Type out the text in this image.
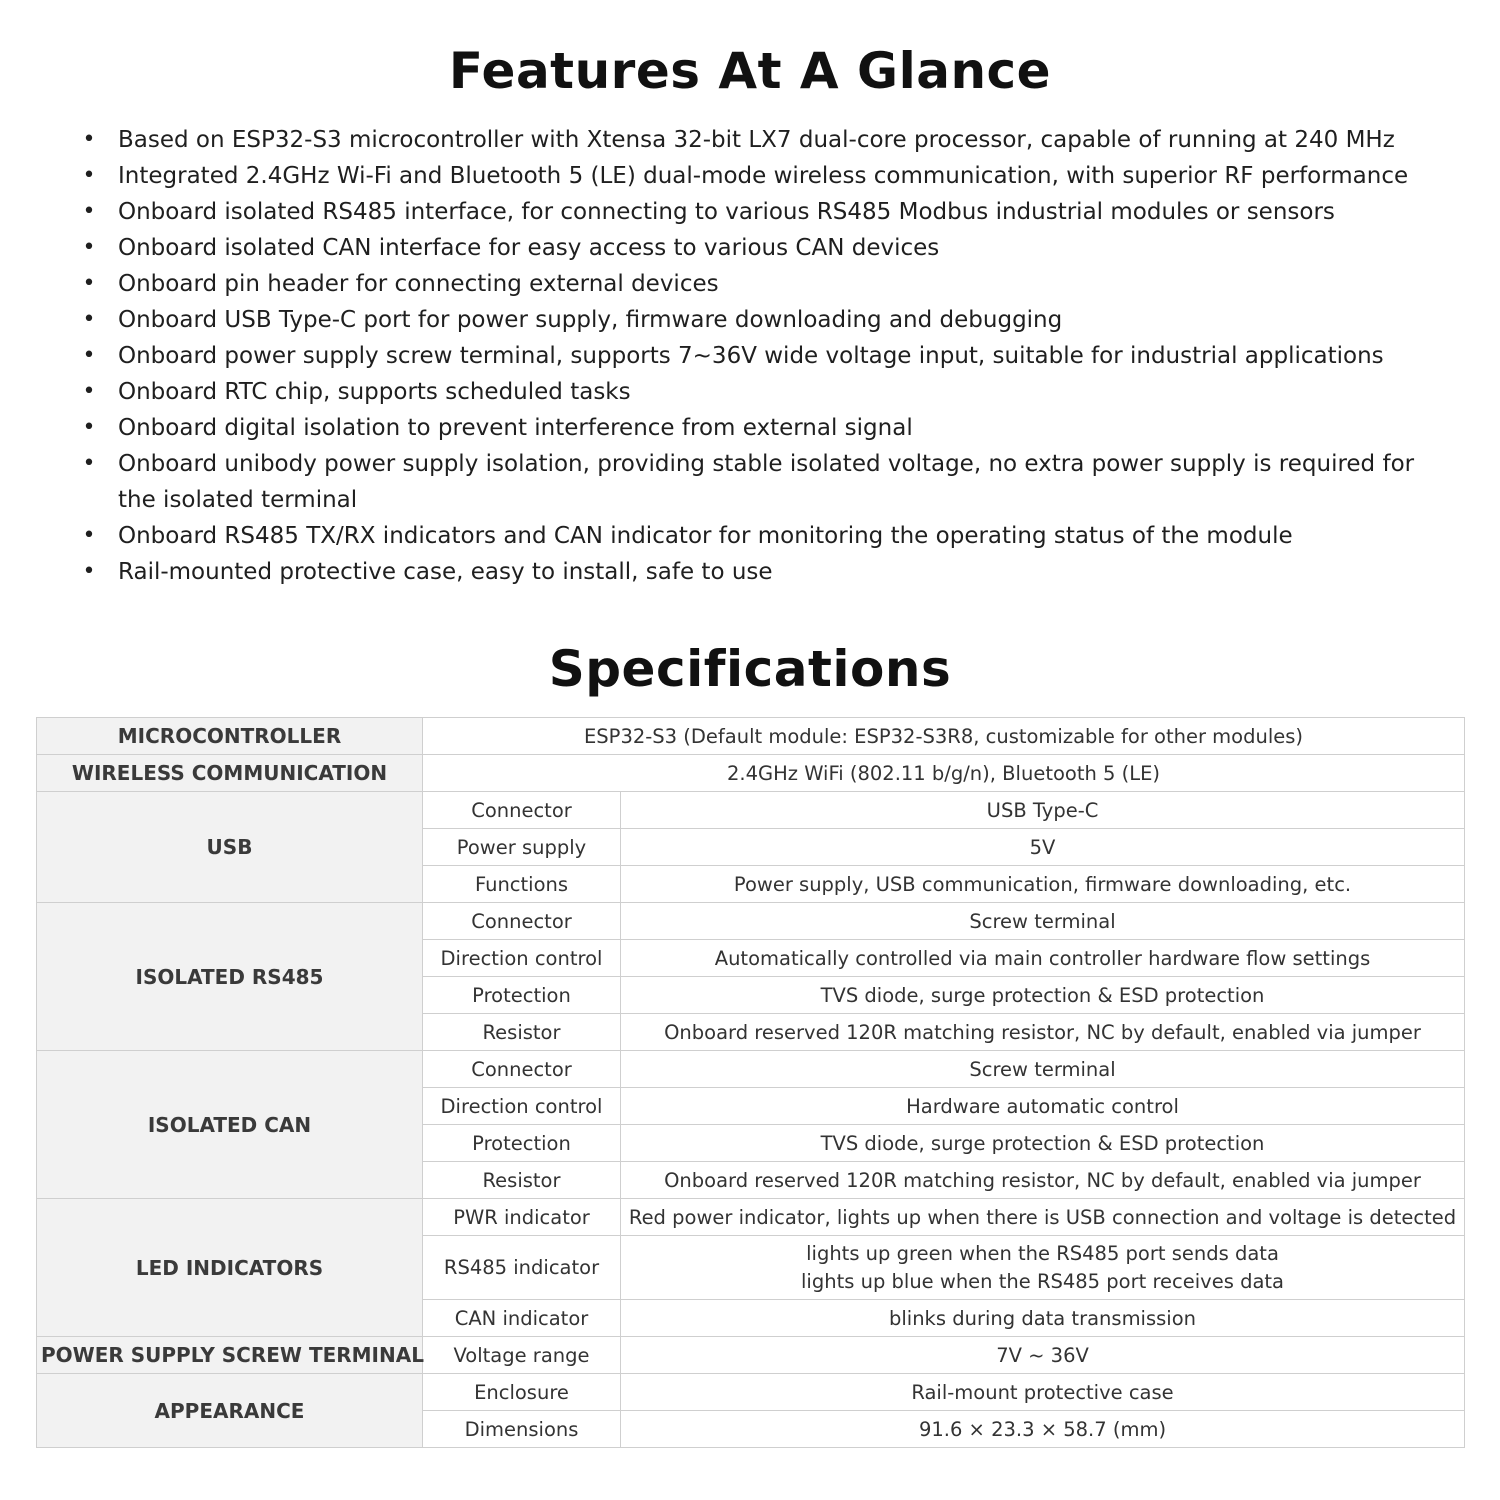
Features At A Glance
• Based on ESP32-S3 microcontroller with Xtensa 32-bit LX7 dual-core processor, capable of running at 240 MHz
• Integrated 2.4GHz Wi-Fi and Bluetooth 5 (LE) dual-mode wireless communication, with superior RF performance
• Onboard isolated RS485 interface, for connecting to various RS485 Modbus industrial modules or sensors
• Onboard isolated CAN interface for easy access to various CAN devices
• Onboard pin header for connecting external devices
• Onboard USB Type-C port for power supply, firmware downloading and debugging
• Onboard power supply screw terminal, supports 7~36V wide voltage input, suitable for industrial applications
• Onboard RTC chip, supports scheduled tasks
• Onboard digital isolation to prevent interference from external signal
• Onboard unibody power supply isolation, providing stable isolated voltage, no extra power supply is required for the isolated terminal
• Onboard RS485 TX/RX indicators and CAN indicator for monitoring the operating status of the module
• Rail-mounted protective case, easy to install, safe to use
Specifications
MICROCONTROLLER	ESP32-S3 (Default module: ESP32-S3R8, customizable for other modules)	
WIRELESS COMMUNICATION	2.4GHz WiFi (802.11 b/g/n), Bluetooth 5 (LE)	
USB	Connector	USB Type-C
	Power supply	5V
	Functions	Power supply, USB communication, firmware downloading, etc.
ISOLATED RS485	Connector	Screw terminal
	Direction control	Automatically controlled via main controller hardware flow settings
	Protection	TVS diode, surge protection & ESD protection
	Resistor	Onboard reserved 120R matching resistor, NC by default, enabled via jumper
ISOLATED CAN	Connector	Screw terminal
	Direction control	Hardware automatic control
	Protection	TVS diode, surge protection & ESD protection
	Resistor	Onboard reserved 120R matching resistor, NC by default, enabled via jumper
LED INDICATORS	PWR indicator	Red power indicator, lights up when there is USB connection and voltage is detected
	RS485 indicator	lights up green when the RS485 port sends data
lights up blue when the RS485 port receives data

	CAN indicator	blinks during data transmission
POWER SUPPLY SCREW TERMINAL	Voltage range	7V ~ 36V
APPEARANCE	Enclosure	Rail-mount protective case
	Dimensions	91.6 × 23.3 × 58.7 (mm)
